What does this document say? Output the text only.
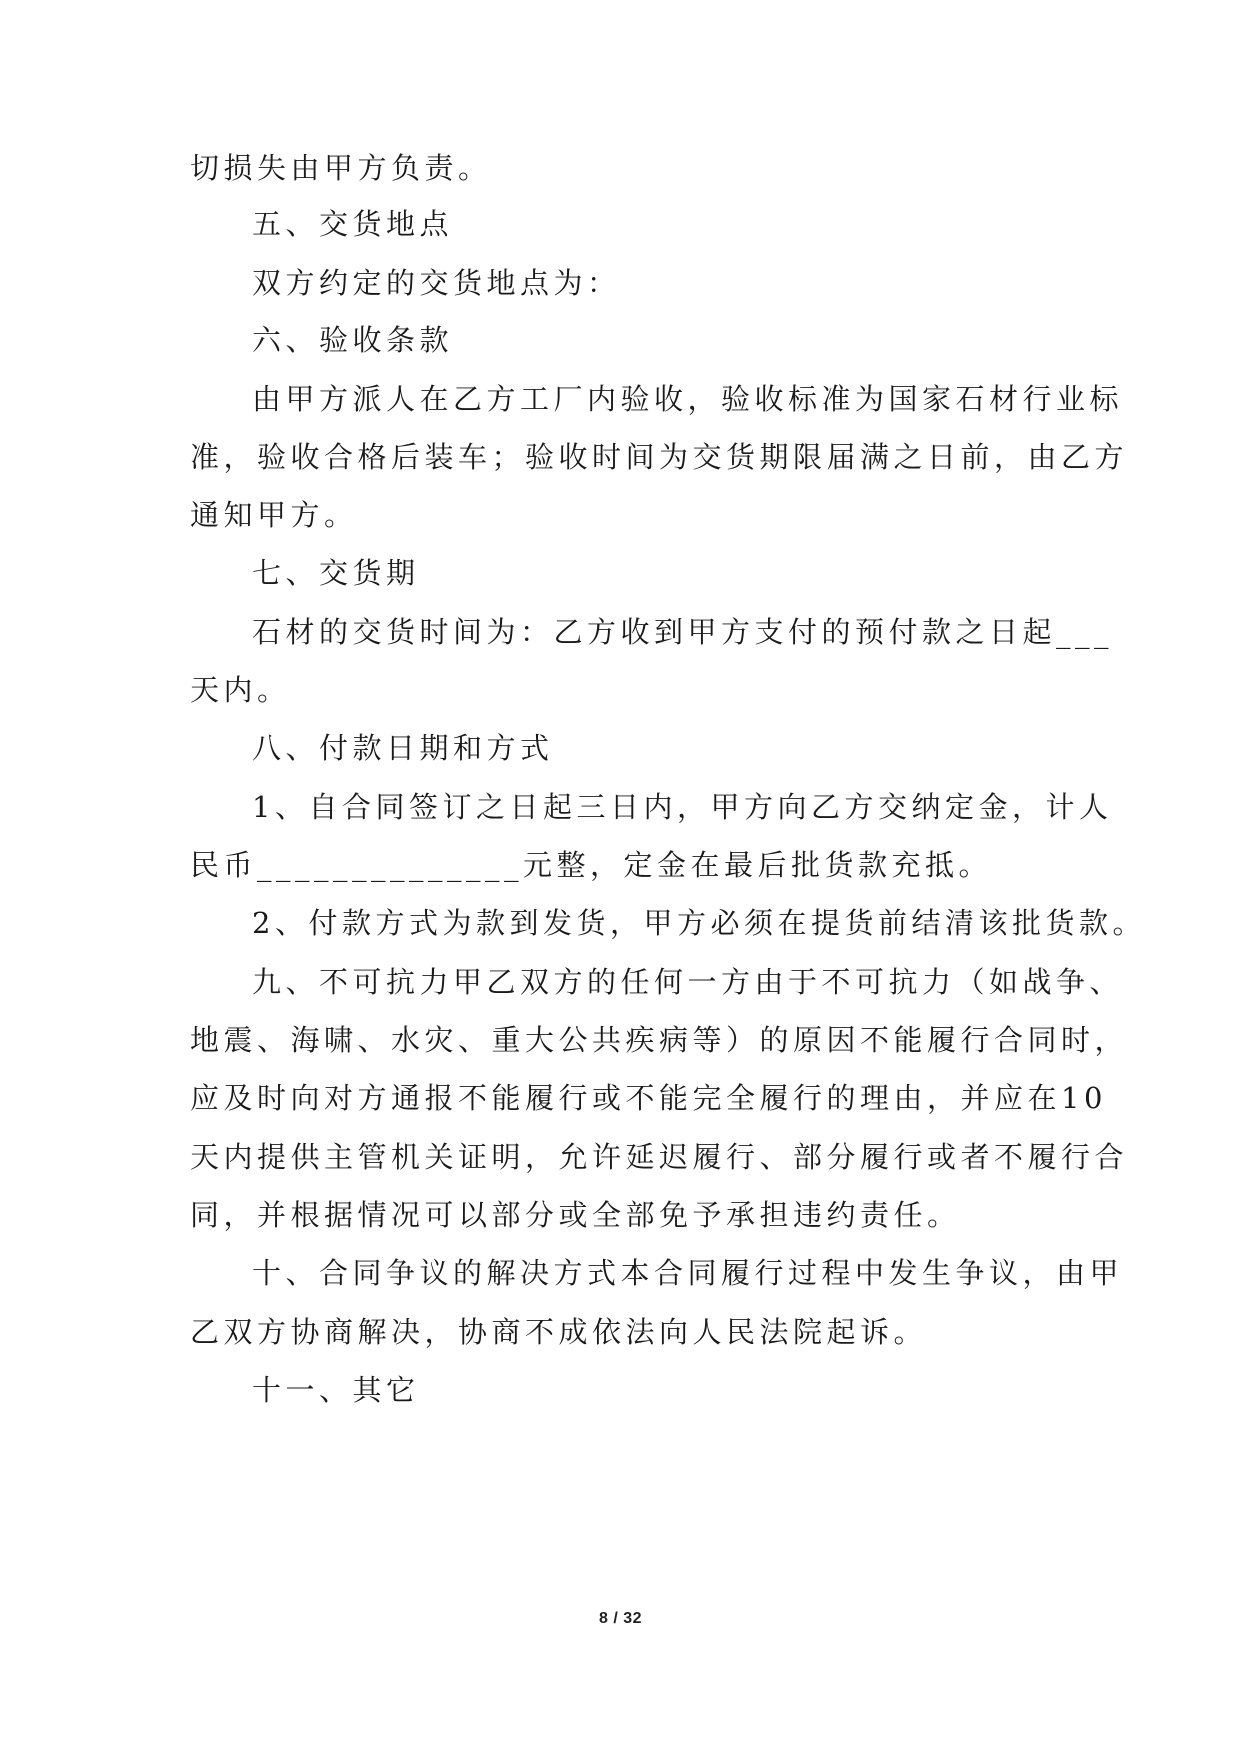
切损失由甲方负责。

五、交货地点

双方约定的交货地点为：

六、验收条款

由甲方派人在乙方工厂内验收，验收标准为国家石材行业标

准，验收合格后装车；验收时间为交货期限届满之日前，由乙方

通知甲方。

七、交货期

石材的交货时间为：乙方收到甲方支付的预付款之日起___

天内。

八、付款日期和方式

1、自合同签订之日起三日内，甲方向乙方交纳定金，计人

民币______________元整，定金在最后批货款充抵。

2、付款方式为款到发货，甲方必须在提货前结清该批货款。

九、不可抗力甲乙双方的任何一方由于不可抗力（如战争、

地震、海啸、水灾、重大公共疾病等）的原因不能履行合同时，

应及时向对方通报不能履行或不能完全履行的理由，并应在10

天内提供主管机关证明，允许延迟履行、部分履行或者不履行合

同，并根据情况可以部分或全部免予承担违约责任。

十、合同争议的解决方式本合同履行过程中发生争议，由甲

乙双方协商解决，协商不成依法向人民法院起诉。

十一、其它

8 / 32
